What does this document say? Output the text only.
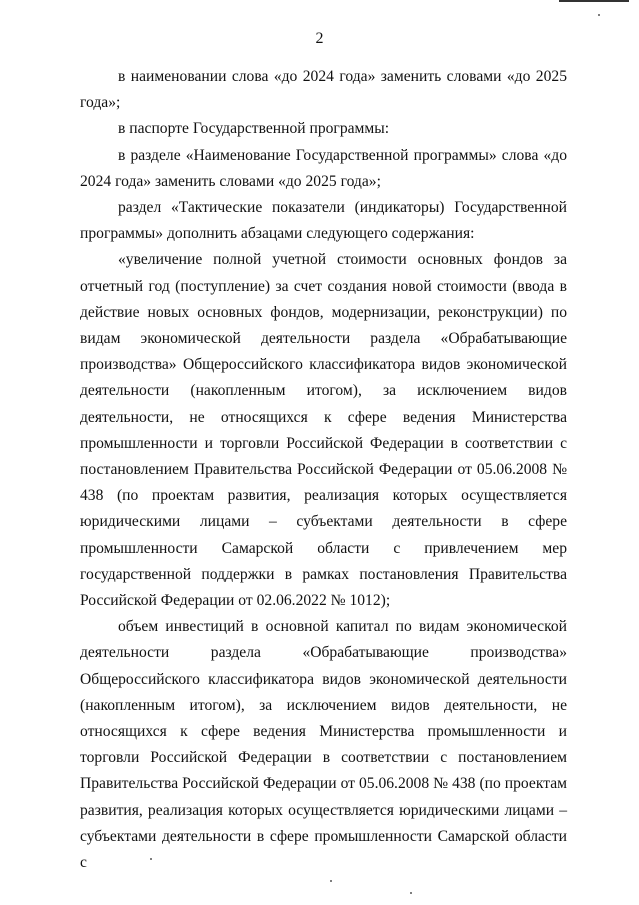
2

в наименовании слова «до 2024 года» заменить словами «до 2025 года»;

в паспорте Государственной программы:

в разделе «Наименование Государственной программы» слова «до 2024 года» заменить словами «до 2025 года»;

раздел «Тактические показатели (индикаторы) Государственной программы» дополнить абзацами следующего содержания:

«увеличение полной учетной стоимости основных фондов за отчетный год (поступление) за счет создания новой стоимости (ввода в действие новых основных фондов, модернизации, реконструкции) по видам экономической деятельности раздела «Обрабатывающие производства» Общероссийского классификатора видов экономической деятельности (накопленным итогом), за исключением видов деятельности, не относящихся к сфере ведения Министерства промышленности и торговли Российской Федерации в соответствии с постановлением Правительства Российской Федерации от 05.06.2008 № 438 (по проектам развития, реализация которых осуществляется юридическими лицами – субъектами деятельности в сфере промышленности Самарской области с привлечением мер государственной поддержки в рамках постановления Правительства Российской Федерации от 02.06.2022 № 1012);

объем инвестиций в основной капитал по видам экономической деятельности раздела «Обрабатывающие производства» Общероссийского классификатора видов экономической деятельности (накопленным итогом), за исключением видов деятельности, не относящихся к сфере ведения Министерства промышленности и торговли Российской Федерации в соответствии с постановлением Правительства Российской Федерации от 05.06.2008 № 438 (по проектам развития, реализация которых осуществляется юридическими лицами – субъектами деятельности в сфере промышленности Самарской области с
